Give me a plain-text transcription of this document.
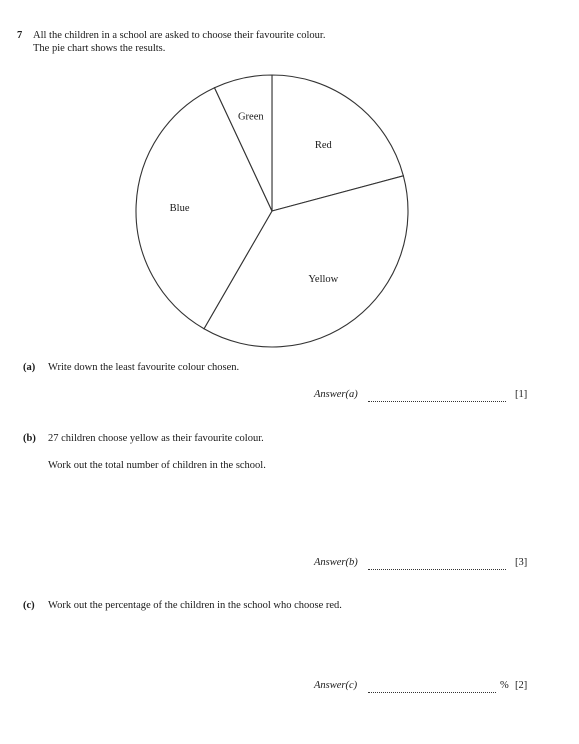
7 All the children in a school are asked to choose their favourite colour.
The pie chart shows the results.
Red
Yellow
Blue
Green
(a) Write down the least favourite colour chosen.
Answer(a)	[1]
(b) 27 children choose yellow as their favourite colour.
Work out the total number of children in the school.
Answer(b)	[3]
(c) Work out the percentage of the children in the school who choose red.
Answer(c)	% [2]
